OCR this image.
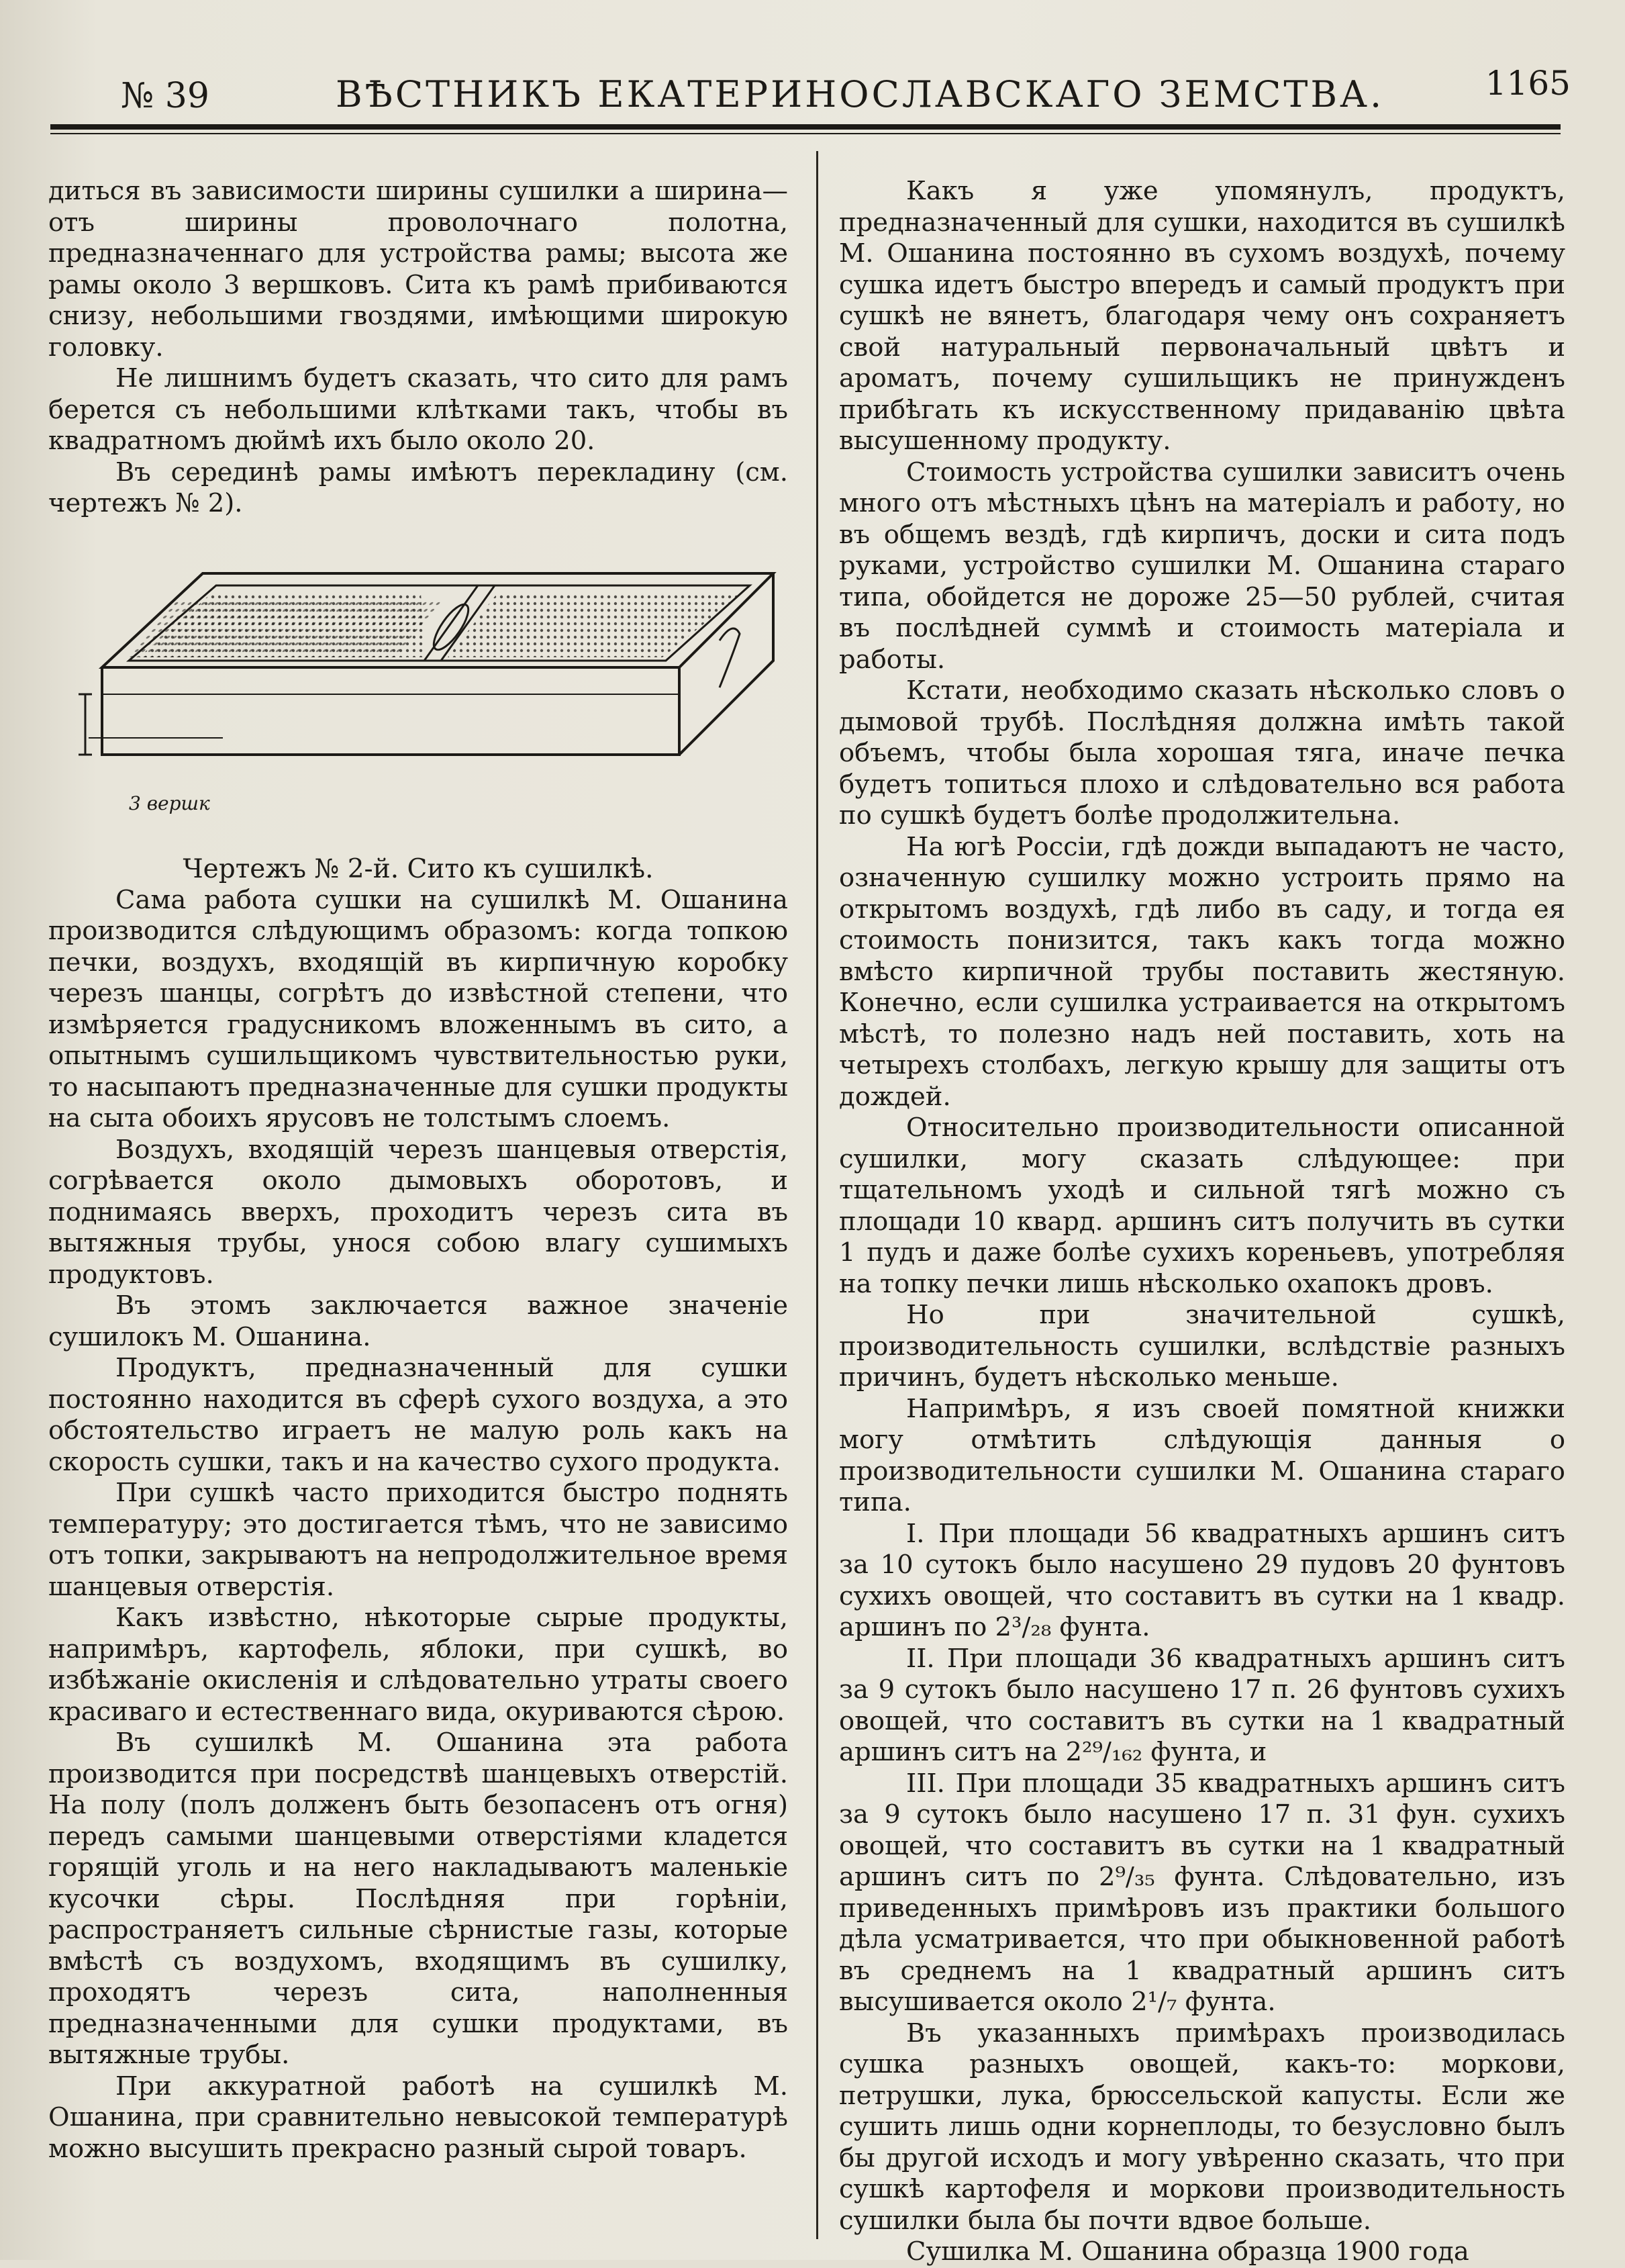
№ 39	ВѢСТНИКЪ ЕКАТЕРИНОСЛАВСКАГО ЗЕМСТВА.	1165

диться въ зависимости ширины сушилки а ширина—отъ ширины проволочнагo полотна, предназначеннаго для устройства рамы; высота же рамы около 3 вершковъ. Сита къ рамѣ прибиваются снизу, небольшими гвоздями, имѣющими широкую головку.

Не лишнимъ будетъ сказать, что сито для рамъ берется съ небольшими клѣтками такъ, чтобы въ квадратномъ дюймѣ ихъ было около 20.

Въ серединѣ рамы имѣютъ перекладину (см. чертежъ № 2).

3 вершк

Чертежъ № 2-й. Сито къ сушилкѣ.

Сама работа сушки на сушилкѣ М. Ошанина производится слѣдующимъ образомъ: когда топкою печки, воздухъ, входящій въ кирпичную коробку черезъ шанцы, согрѣтъ до извѣстной степени, что измѣряется градусникомъ вложеннымъ въ сито, а опытнымъ сушильщикомъ чувствительностью руки, то насыпаютъ предназначенные для сушки продукты на сыта обоихъ ярусовъ не толстымъ слоемъ.

Воздухъ, входящій черезъ шанцевыя отверстія, согрѣвается около дымовыхъ оборотовъ, и поднимаясь вверхъ, проходитъ черезъ сита въ вытяжныя трубы, унося собою влагу сушимыхъ продуктовъ.

Въ этомъ заключается важное значеніе сушилокъ М. Ошанина.

Продуктъ, предназначенный для сушки постоянно находится въ сферѣ сухого воздуха, а это обстоятельство играетъ не малую роль какъ на скорость сушки, такъ и на качество сухого продукта.

При сушкѣ часто приходится быстро поднять температуру; это достигается тѣмъ, что не зависимо отъ топки, закрываютъ на непродолжительное время шанцевыя отверстія.

Какъ извѣстно, нѣкоторые сырые продукты, напримѣръ, картофель, яблоки, при сушкѣ, во избѣжаніе окисленія и слѣдовательно утраты своего красиваго и естественнаго вида, окуриваются сѣрою.

Въ сушилкѣ М. Ошанина эта работа производится при посредствѣ шанцевыхъ отверстій. На полу (полъ долженъ быть безопасенъ отъ огня) передъ самыми шанцевыми отверстіями кладется горящій уголь и на него накладываютъ маленькіе кусочки сѣры. Послѣдняя при горѣніи, распространяетъ сильные сѣрнистые газы, которые вмѣстѣ съ воздухомъ, входящимъ въ сушилку, проходятъ черезъ сита, наполненныя предназначенными для сушки продуктами, въ вытяжные трубы.

При аккуратной работѣ на сушилкѣ М. Ошанина, при сравнительно невысокой температурѣ можно высушить прекрасно разный сырой товаръ.

Какъ я уже упомянулъ, продуктъ, предназначенный для сушки, находится въ сушилкѣ М. Ошанина постоянно въ сухомъ воздухѣ, почему сушка идетъ быстро впередъ и самый продуктъ при сушкѣ не вянетъ, благодаря чему онъ сохраняетъ свой натуральный первоначальный цвѣтъ и ароматъ, почему сушильщикъ не принужденъ прибѣгать къ искусственному придаванію цвѣта высушенному продукту.

Стоимость устройства сушилки зависитъ очень много отъ мѣстныхъ цѣнъ на матеріалъ и работу, но въ общемъ вездѣ, гдѣ кирпичъ, доски и сита подъ руками, устройство сушилки М. Ошанина стараго типа, обойдется не дороже 25—50 рублей, считая въ послѣдней суммѣ и стоимость матеріала и работы.

Кстати, необходимо сказать нѣсколько словъ о дымовой трубѣ. Послѣдняя должна имѣть такой объемъ, чтобы была хорошая тяга, иначе печка будетъ топиться плохо и слѣдовательно вся работа по сушкѣ будетъ болѣе продолжительна.

На югѣ Россіи, гдѣ дожди выпадаютъ не часто, означенную сушилку можно устроить прямо на открытомъ воздухѣ, гдѣ либо въ саду, и тогда ея стоимость понизится, такъ какъ тогда можно вмѣсто кирпичной трубы поставить жестяную. Конечно, если сушилка устраивается на открытомъ мѣстѣ, то полезно надъ ней поставить, хоть на четырехъ столбахъ, легкую крышу для защиты отъ дождей.

Относительно производительности описанной сушилки, могу сказать слѣдующее: при тщательномъ уходѣ и сильной тягѣ можно съ площади 10 квард. аршинъ ситъ получить въ сутки 1 пудъ и даже болѣе сухихъ кореньевъ, употребляя на топку печки лишь нѣсколько охапокъ дровъ.

Но при значительной сушкѣ, производительность сушилки, вслѣдствіе разныхъ причинъ, будетъ нѣсколько меньше.

Напримѣръ, я изъ своей помятной книжки могу отмѣтить слѣдующія данныя о производительности сушилки М. Ошанина стараго типа.

I. При площади 56 квадратныхъ аршинъ ситъ за 10 сутокъ было насушено 29 пудовъ 20 фунтовъ сухихъ овощей, что составитъ въ сутки на 1 квадр. аршинъ по 2³/₂₈ фунта.

II. При площади 36 квадратныхъ аршинъ ситъ за 9 сутокъ было насушено 17 п. 26 фунтовъ сухихъ овощей, что составитъ въ сутки на 1 квадратный аршинъ ситъ на 2²⁹/₁₆₂ фунта, и

III. При площади 35 квадратныхъ аршинъ ситъ за 9 сутокъ было насушено 17 п. 31 фун. сухихъ овощей, что составитъ въ сутки на 1 квадратный аршинъ ситъ по 2⁹/₃₅ фунта. Слѣдовательно, изъ приведенныхъ примѣровъ изъ практики большого дѣла усматривается, что при обыкновенной работѣ въ среднемъ на 1 квадратный аршинъ ситъ высушивается около 2¹/₇ фунта.

Въ указанныхъ примѣрахъ производилась сушка разныхъ овощей, какъ-то: моркови, петрушки, лука, брюссельской капусты. Если же сушить лишь одни корнеплоды, то безусловно былъ бы другой исходъ и могу увѣренно сказать, что при сушкѣ картофеля и моркови производительность сушилки была бы почти вдвое больше.

Сушилка М. Ошанина образца 1900 года
